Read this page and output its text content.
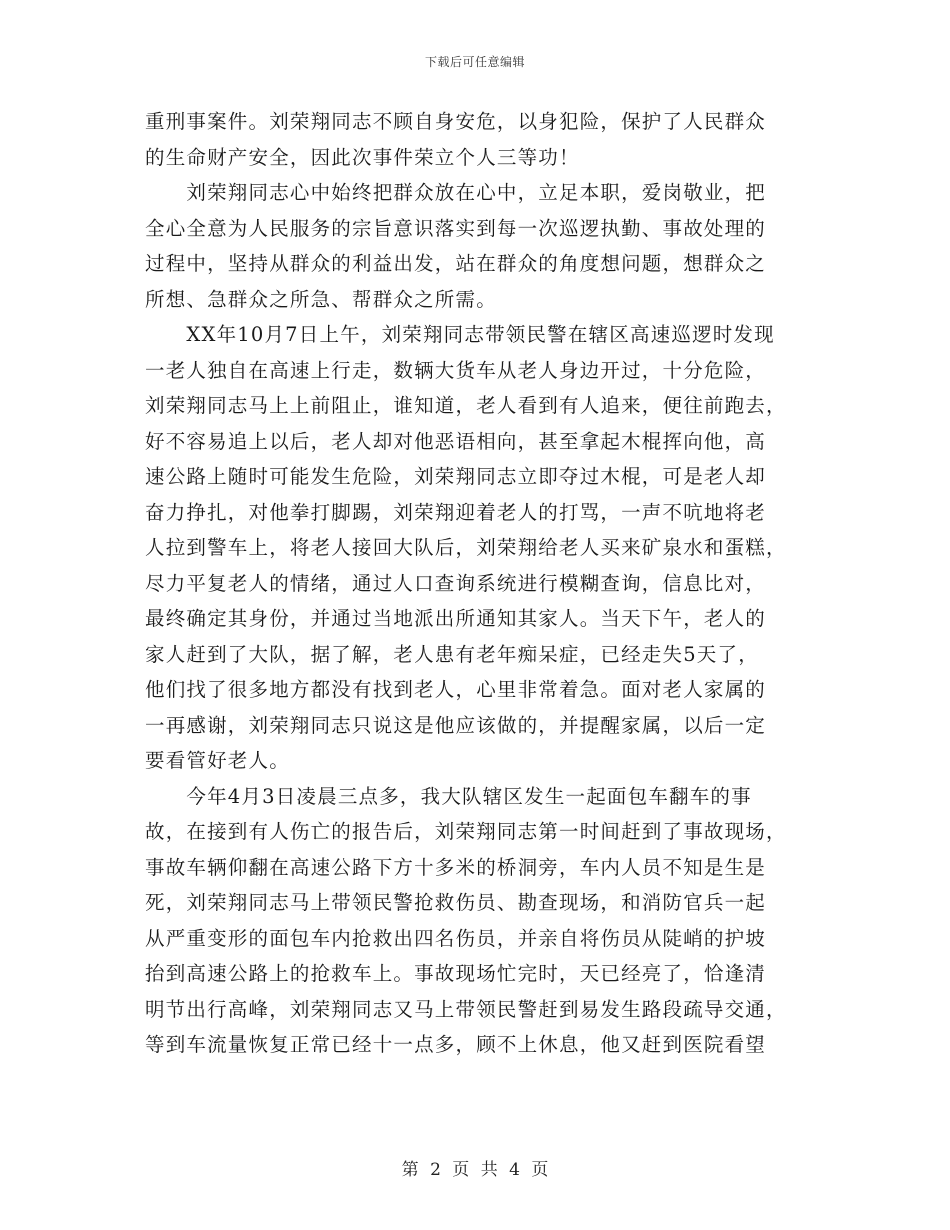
下载后可任意编辑

重刑事案件。刘荣翔同志不顾自身安危，以身犯险，保护了人民群众
的生命财产安全，因此次事件荣立个人三等功！

　　刘荣翔同志心中始终把群众放在心中，立足本职，爱岗敬业，把
全心全意为人民服务的宗旨意识落实到每一次巡逻执勤、事故处理的
过程中，坚持从群众的利益出发，站在群众的角度想问题，想群众之
所想、急群众之所急、帮群众之所需。

　　XX年10月7日上午，刘荣翔同志带领民警在辖区高速巡逻时发现
一老人独自在高速上行走，数辆大货车从老人身边开过，十分危险，
刘荣翔同志马上上前阻止，谁知道，老人看到有人追来，便往前跑去，
好不容易追上以后，老人却对他恶语相向，甚至拿起木棍挥向他，高
速公路上随时可能发生危险，刘荣翔同志立即夺过木棍，可是老人却
奋力挣扎，对他拳打脚踢，刘荣翔迎着老人的打骂，一声不吭地将老
人拉到警车上，将老人接回大队后，刘荣翔给老人买来矿泉水和蛋糕，
尽力平复老人的情绪，通过人口查询系统进行模糊查询，信息比对，
最终确定其身份，并通过当地派出所通知其家人。当天下午，老人的
家人赶到了大队，据了解，老人患有老年痴呆症，已经走失5天了，
他们找了很多地方都没有找到老人，心里非常着急。面对老人家属的
一再感谢，刘荣翔同志只说这是他应该做的，并提醒家属，以后一定
要看管好老人。

　　今年4月3日凌晨三点多，我大队辖区发生一起面包车翻车的事
故，在接到有人伤亡的报告后，刘荣翔同志第一时间赶到了事故现场，
事故车辆仰翻在高速公路下方十多米的桥洞旁，车内人员不知是生是
死，刘荣翔同志马上带领民警抢救伤员、勘查现场，和消防官兵一起
从严重变形的面包车内抢救出四名伤员，并亲自将伤员从陡峭的护坡
抬到高速公路上的抢救车上。事故现场忙完时，天已经亮了，恰逢清
明节出行高峰，刘荣翔同志又马上带领民警赶到易发生路段疏导交通，
等到车流量恢复正常已经十一点多，顾不上休息，他又赶到医院看望

第 2 页 共 4 页
